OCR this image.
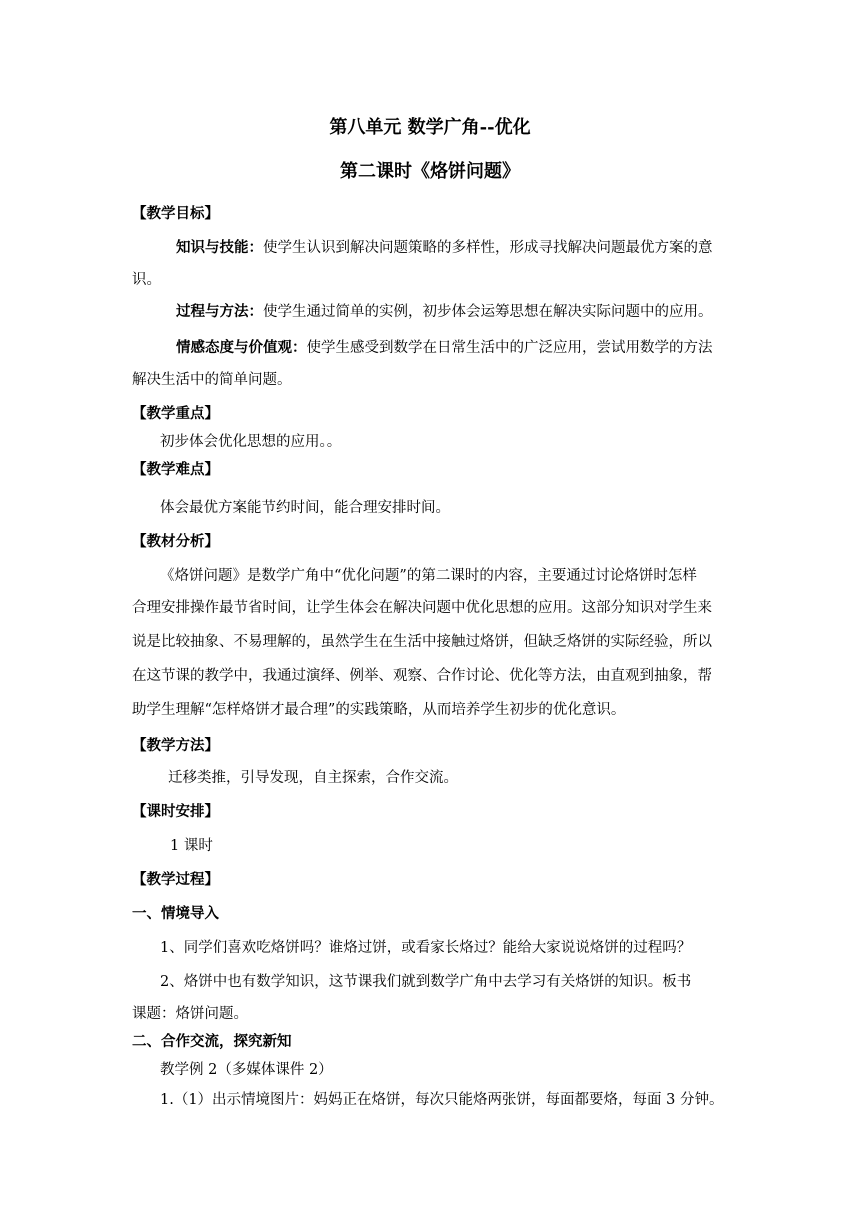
第八单元 数学广角--优化
第二课时《烙饼问题》
【教学目标】
知识与技能：使学生认识到解决问题策略的多样性，形成寻找解决问题最优方案的意
识。
过程与方法：使学生通过简单的实例，初步体会运筹思想在解决实际问题中的应用。
情感态度与价值观：使学生感受到数学在日常生活中的广泛应用，尝试用数学的方法
解决生活中的简单问题。
【教学重点】
初步体会优化思想的应用。。
【教学难点】
体会最优方案能节约时间，能合理安排时间。
【教材分析】
《烙饼问题》是数学广角中“优化问题”的第二课时的内容，主要通过讨论烙饼时怎样
合理安排操作最节省时间，让学生体会在解决问题中优化思想的应用。这部分知识对学生来
说是比较抽象、不易理解的，虽然学生在生活中接触过烙饼，但缺乏烙饼的实际经验，所以
在这节课的教学中，我通过演绎、例举、观察、合作讨论、优化等方法，由直观到抽象，帮
助学生理解“怎样烙饼才最合理”的实践策略，从而培养学生初步的优化意识。
【教学方法】
迁移类推，引导发现，自主探索，合作交流。
【课时安排】
1 课时
【教学过程】
一、情境导入
1、同学们喜欢吃烙饼吗？谁烙过饼，或看家长烙过？能给大家说说烙饼的过程吗？
2、烙饼中也有数学知识，这节课我们就到数学广角中去学习有关烙饼的知识。板书
课题：烙饼问题。
二、合作交流，探究新知
教学例 2（多媒体课件 2）
1.（1）出示情境图片：妈妈正在烙饼，每次只能烙两张饼，每面都要烙，每面 3 分钟。
